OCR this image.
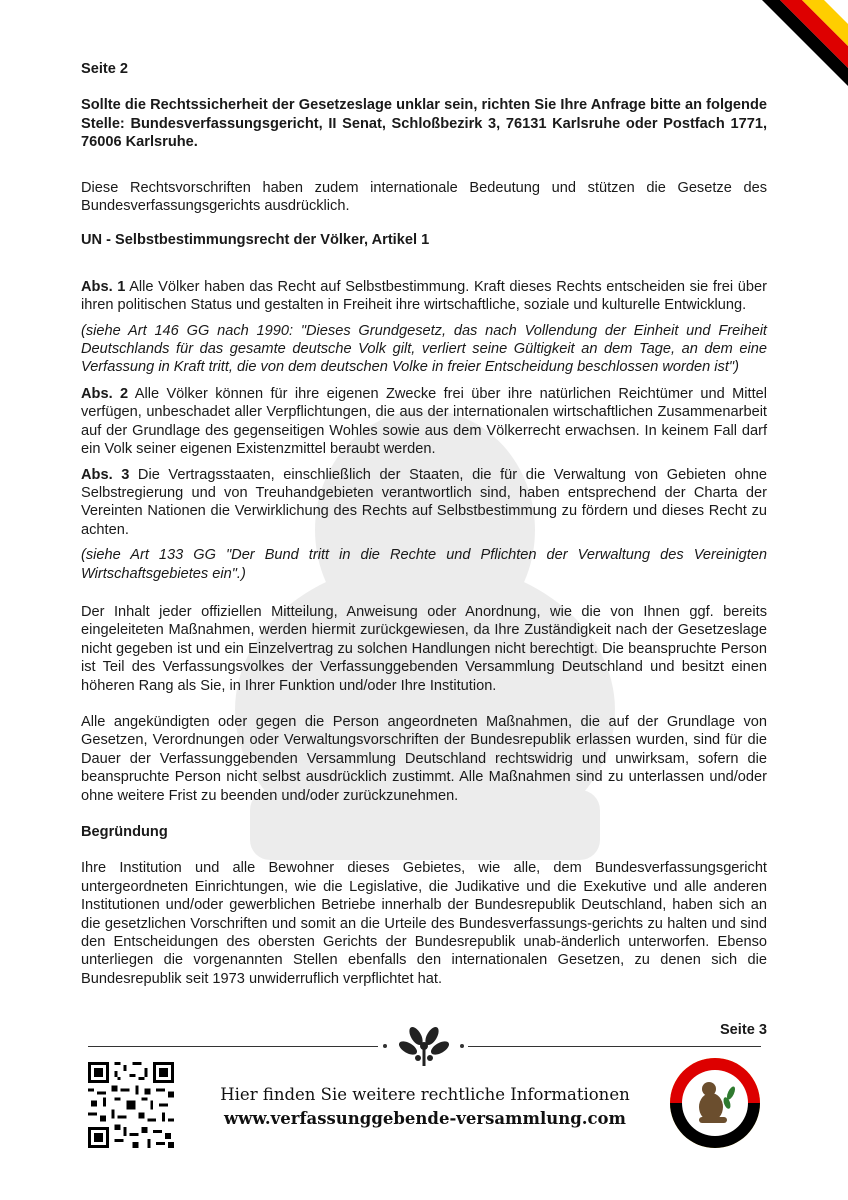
Seite 2

Sollte die Rechtssicherheit der Gesetzeslage unklar sein, richten Sie Ihre Anfrage bitte an folgende Stelle: Bundesverfassungsgericht, II Senat, Schloßbezirk 3, 76131 Karlsruhe oder Postfach 1771, 76006 Karlsruhe.

Diese Rechtsvorschriften haben zudem internationale Bedeutung und stützen die Gesetze des Bundesverfassungsgerichts ausdrücklich.

UN - Selbstbestimmungsrecht der Völker, Artikel 1

Abs. 1 Alle Völker haben das Recht auf Selbstbestimmung. Kraft dieses Rechts entscheiden sie frei über ihren politischen Status und gestalten in Freiheit ihre wirtschaftliche, soziale und kulturelle Entwicklung.

(siehe Art 146 GG nach 1990: "Dieses Grundgesetz, das nach Vollendung der Einheit und Freiheit Deutschlands für das gesamte deutsche Volk gilt, verliert seine Gültigkeit an dem Tage, an dem eine Verfassung in Kraft tritt, die von dem deutschen Volke in freier Entscheidung beschlossen worden ist")

Abs. 2 Alle Völker können für ihre eigenen Zwecke frei über ihre natürlichen Reichtümer und Mittel verfügen, unbeschadet aller Verpflichtungen, die aus der internationalen wirtschaftlichen Zusammenarbeit auf der Grundlage des gegenseitigen Wohles sowie aus dem Völkerrecht erwachsen. In keinem Fall darf ein Volk seiner eigenen Existenzmittel beraubt werden.

Abs. 3 Die Vertragsstaaten, einschließlich der Staaten, die für die Verwaltung von Gebieten ohne Selbstregierung und von Treuhandgebieten verantwortlich sind, haben entsprechend der Charta der Vereinten Nationen die Verwirklichung des Rechts auf Selbstbestimmung zu fördern und dieses Recht zu achten.

(siehe Art 133 GG "Der Bund tritt in die Rechte und Pflichten der Verwaltung des Vereinigten Wirtschaftsgebietes ein".)

Der Inhalt jeder offiziellen Mitteilung, Anweisung oder Anordnung, wie die von Ihnen ggf. bereits eingeleiteten Maßnahmen, werden hiermit zurückgewiesen, da Ihre Zuständigkeit nach der Gesetzeslage nicht gegeben ist und ein Einzelvertrag zu solchen Handlungen nicht berechtigt. Die beanspruchte Person ist Teil des Verfassungsvolkes der Verfassunggebenden Versammlung Deutschland und besitzt einen höheren Rang als Sie, in Ihrer Funktion und/oder Ihre Institution.

Alle angekündigten oder gegen die Person angeordneten Maßnahmen, die auf der Grundlage von Gesetzen, Verordnungen oder Verwaltungsvorschriften der Bundesrepublik erlassen wurden, sind für die Dauer der Verfassunggebenden Versammlung Deutschland rechtswidrig und unwirksam, sofern die beanspruchte Person nicht selbst ausdrücklich zustimmt. Alle Maßnahmen sind zu unterlassen und/oder ohne weitere Frist zu beenden und/oder zurückzunehmen.

Begründung

Ihre Institution und alle Bewohner dieses Gebietes, wie alle, dem Bundesverfassungsgericht untergeordneten Einrichtungen, wie die Legislative, die Judikative und die Exekutive und alle anderen Institutionen und/oder gewerblichen Betriebe innerhalb der Bundesrepublik Deutschland, haben sich an die gesetzlichen Vorschriften und somit an die Urteile des Bundesverfassungs-gerichts zu halten und sind den Entscheidungen des obersten Gerichts der Bundesrepublik unab-änderlich unterworfen. Ebenso unterliegen die vorgenannten Stellen ebenfalls den internationalen Gesetzen, zu denen sich die Bundesrepublik seit 1973 unwiderruflich verpflichtet hat.

Seite 3
Hier finden Sie weitere rechtliche Informationen
www.verfassunggebende-versammlung.com
